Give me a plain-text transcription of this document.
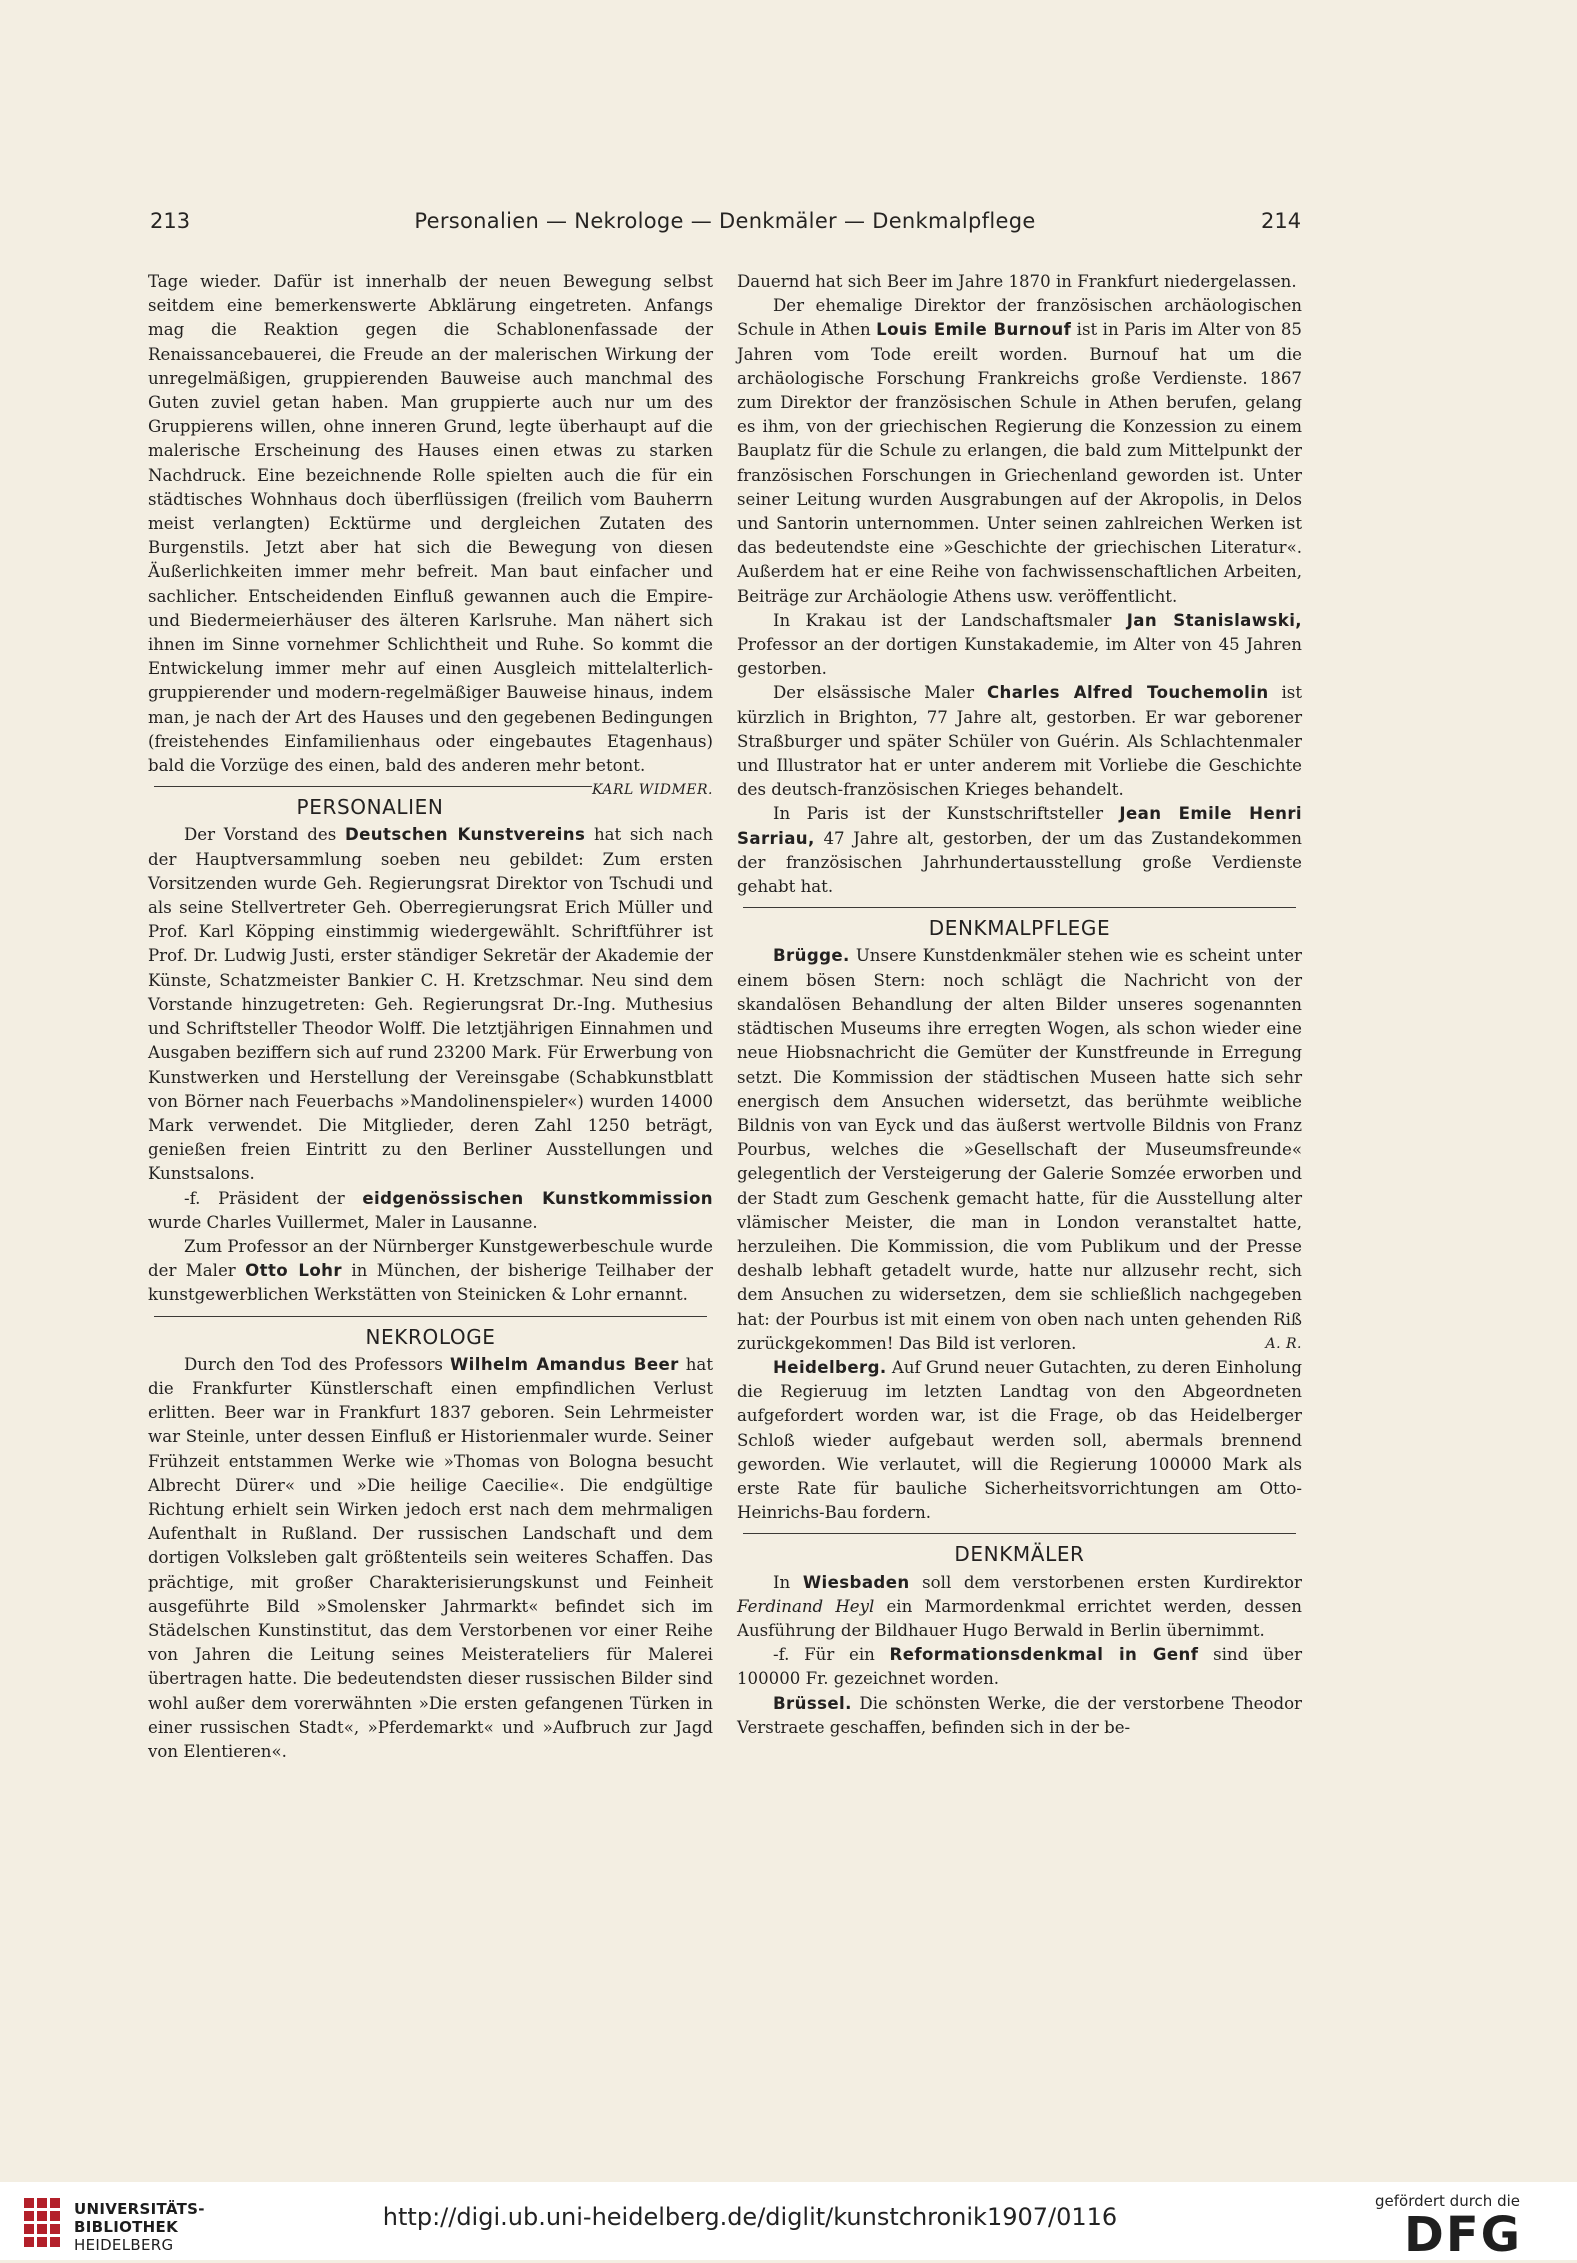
213	Personalien — Nekrologe — Denkmäler — Denkmalpflege	214

Tage wieder. Dafür ist innerhalb der neuen Bewegung selbst seitdem eine bemerkenswerte Abklärung eingetreten. Anfangs mag die Reaktion gegen die Schablonenfassade der Renaissancebauerei, die Freude an der malerischen Wirkung der unregelmäßigen, gruppierenden Bauweise auch manchmal des Guten zuviel getan haben. Man gruppierte auch nur um des Gruppierens willen, ohne inneren Grund, legte überhaupt auf die malerische Erscheinung des Hauses einen etwas zu starken Nachdruck. Eine bezeichnende Rolle spielten auch die für ein städtisches Wohnhaus doch überflüssigen (freilich vom Bauherrn meist verlangten) Ecktürme und dergleichen Zutaten des Burgenstils. Jetzt aber hat sich die Bewegung von diesen Äußerlichkeiten immer mehr befreit. Man baut einfacher und sachlicher. Entscheidenden Einfluß gewannen auch die Empire- und Biedermeierhäuser des älteren Karlsruhe. Man nähert sich ihnen im Sinne vornehmer Schlichtheit und Ruhe. So kommt die Entwickelung immer mehr auf einen Ausgleich mittelalterlich-gruppierender und modern-regelmäßiger Bauweise hinaus, indem man, je nach der Art des Hauses und den gegebenen Bedingungen (freistehendes Einfamilienhaus oder eingebautes Etagenhaus) bald die Vorzüge des einen, bald des anderen mehr betont.
KARL WIDMER.

PERSONALIEN

Der Vorstand des Deutschen Kunstvereins hat sich nach der Hauptversammlung soeben neu gebildet: Zum ersten Vorsitzenden wurde Geh. Regierungsrat Direktor von Tschudi und als seine Stellvertreter Geh. Oberregierungsrat Erich Müller und Prof. Karl Köpping einstimmig wiedergewählt. Schriftführer ist Prof. Dr. Ludwig Justi, erster ständiger Sekretär der Akademie der Künste, Schatzmeister Bankier C. H. Kretzschmar. Neu sind dem Vorstande hinzugetreten: Geh. Regierungsrat Dr.-Ing. Muthesius und Schriftsteller Theodor Wolff. Die letztjährigen Einnahmen und Ausgaben beziffern sich auf rund 23200 Mark. Für Erwerbung von Kunstwerken und Herstellung der Vereinsgabe (Schabkunstblatt von Börner nach Feuerbachs »Mandolinenspieler«) wurden 14000 Mark verwendet. Die Mitglieder, deren Zahl 1250 beträgt, genießen freien Eintritt zu den Berliner Ausstellungen und Kunstsalons.

-f. Präsident der eidgenössischen Kunstkommission wurde Charles Vuillermet, Maler in Lausanne.

Zum Professor an der Nürnberger Kunstgewerbeschule wurde der Maler Otto Lohr in München, der bisherige Teilhaber der kunstgewerblichen Werkstätten von Steinicken & Lohr ernannt.

NEKROLOGE

Durch den Tod des Professors Wilhelm Amandus Beer hat die Frankfurter Künstlerschaft einen empfindlichen Verlust erlitten. Beer war in Frankfurt 1837 geboren. Sein Lehrmeister war Steinle, unter dessen Einfluß er Historienmaler wurde. Seiner Frühzeit entstammen Werke wie »Thomas von Bologna besucht Albrecht Dürer« und »Die heilige Caecilie«. Die endgültige Richtung erhielt sein Wirken jedoch erst nach dem mehrmaligen Aufenthalt in Rußland. Der russischen Landschaft und dem dortigen Volksleben galt größtenteils sein weiteres Schaffen. Das prächtige, mit großer Charakterisierungskunst und Feinheit ausgeführte Bild »Smolensker Jahrmarkt« befindet sich im Städelschen Kunstinstitut, das dem Verstorbenen vor einer Reihe von Jahren die Leitung seines Meisterateliers für Malerei übertragen hatte. Die bedeutendsten dieser russischen Bilder sind wohl außer dem vorerwähnten »Die ersten gefangenen Türken in einer russischen Stadt«, »Pferdemarkt« und »Aufbruch zur Jagd von Elentieren«.

Dauernd hat sich Beer im Jahre 1870 in Frankfurt niedergelassen.

Der ehemalige Direktor der französischen archäologischen Schule in Athen Louis Emile Burnouf ist in Paris im Alter von 85 Jahren vom Tode ereilt worden. Burnouf hat um die archäologische Forschung Frankreichs große Verdienste. 1867 zum Direktor der französischen Schule in Athen berufen, gelang es ihm, von der griechischen Regierung die Konzession zu einem Bauplatz für die Schule zu erlangen, die bald zum Mittelpunkt der französischen Forschungen in Griechenland geworden ist. Unter seiner Leitung wurden Ausgrabungen auf der Akropolis, in Delos und Santorin unternommen. Unter seinen zahlreichen Werken ist das bedeutendste eine »Geschichte der griechischen Literatur«. Außerdem hat er eine Reihe von fachwissenschaftlichen Arbeiten, Beiträge zur Archäologie Athens usw. veröffentlicht.

In Krakau ist der Landschaftsmaler Jan Stanislawski, Professor an der dortigen Kunstakademie, im Alter von 45 Jahren gestorben.

Der elsässische Maler Charles Alfred Touchemolin ist kürzlich in Brighton, 77 Jahre alt, gestorben. Er war geborener Straßburger und später Schüler von Guérin. Als Schlachtenmaler und Illustrator hat er unter anderem mit Vorliebe die Geschichte des deutsch-französischen Krieges behandelt.

In Paris ist der Kunstschriftsteller Jean Emile Henri Sarriau, 47 Jahre alt, gestorben, der um das Zustandekommen der französischen Jahrhundertausstellung große Verdienste gehabt hat.

DENKMALPFLEGE

Brügge. Unsere Kunstdenkmäler stehen wie es scheint unter einem bösen Stern: noch schlägt die Nachricht von der skandalösen Behandlung der alten Bilder unseres sogenannten städtischen Museums ihre erregten Wogen, als schon wieder eine neue Hiobsnachricht die Gemüter der Kunstfreunde in Erregung setzt. Die Kommission der städtischen Museen hatte sich sehr energisch dem Ansuchen widersetzt, das berühmte weibliche Bildnis von van Eyck und das äußerst wertvolle Bildnis von Franz Pourbus, welches die »Gesellschaft der Museumsfreunde« gelegentlich der Versteigerung der Galerie Somzée erworben und der Stadt zum Geschenk gemacht hatte, für die Ausstellung alter vlämischer Meister, die man in London veranstaltet hatte, herzuleihen. Die Kommission, die vom Publikum und der Presse deshalb lebhaft getadelt wurde, hatte nur allzusehr recht, sich dem Ansuchen zu widersetzen, dem sie schließlich nachgegeben hat: der Pourbus ist mit einem von oben nach unten gehenden Riß zurückgekommen! Das Bild ist verloren.	A. R.

Heidelberg. Auf Grund neuer Gutachten, zu deren Einholung die Regieruug im letzten Landtag von den Abgeordneten aufgefordert worden war, ist die Frage, ob das Heidelberger Schloß wieder aufgebaut werden soll, abermals brennend geworden. Wie verlautet, will die Regierung 100000 Mark als erste Rate für bauliche Sicherheitsvorrichtungen am Otto-Heinrichs-Bau fordern.

DENKMÄLER

In Wiesbaden soll dem verstorbenen ersten Kurdirektor Ferdinand Heyl ein Marmordenkmal errichtet werden, dessen Ausführung der Bildhauer Hugo Berwald in Berlin übernimmt.

-f. Für ein Reformationsdenkmal in Genf sind über 100000 Fr. gezeichnet worden.

Brüssel. Die schönsten Werke, die der verstorbene Theodor Verstraete geschaffen, befinden sich in der be-

UNIVERSITÄTS-
BIBLIOTHEK
HEIDELBERG
http://digi.ub.uni-heidelberg.de/diglit/kunstchronik1907/0116
gefördert durch die
DFG
